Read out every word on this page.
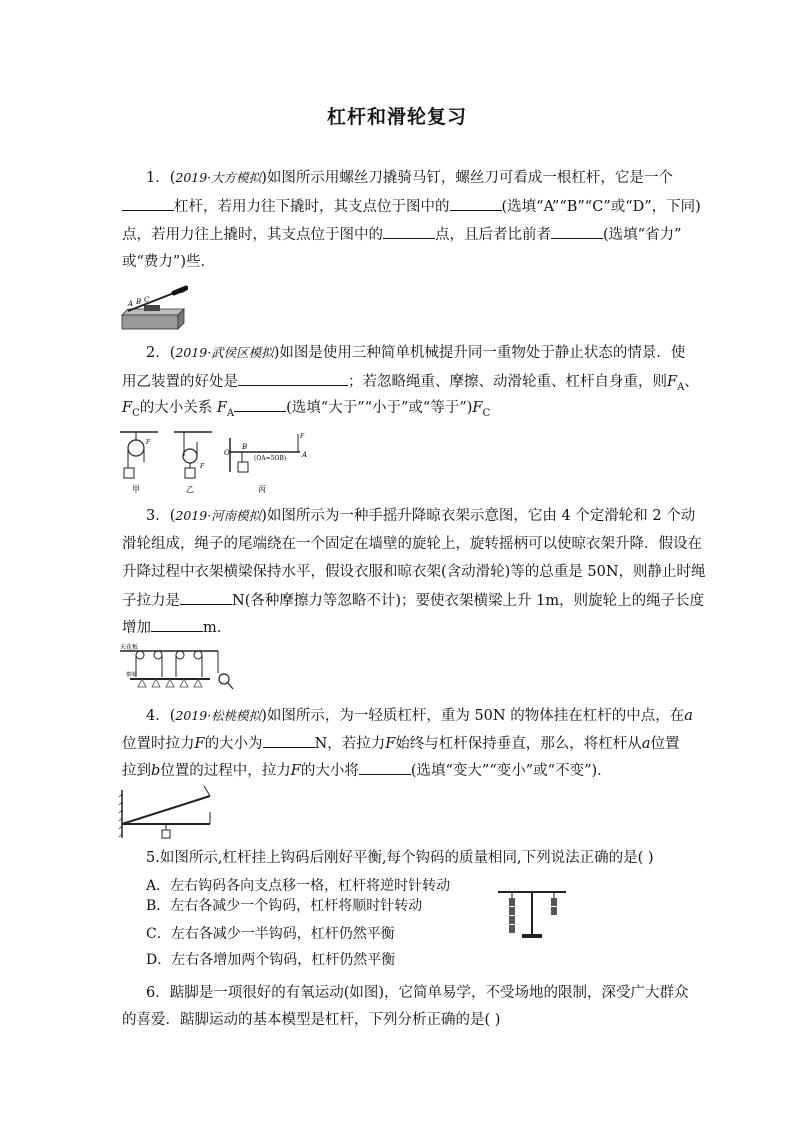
杠杆和滑轮复习
1．(2019·大方模拟)如图所示用螺丝刀撬骑马钉，螺丝刀可看成一根杠杆，它是一个
杠杆，若用力往下撬时，其支点位于图中的	(选填“A”“B”“C”或“D”，下同)
点，若用力往上撬时，其支点位于图中的	点，且后者比前者	(选填“省力”
或“费力”)些．
A B C
D
2．(2019·武侯区模拟)如图是使用三种简单机械提升同一重物处于静止状态的情景．使
用乙装置的好处是	；若忽略绳重、摩擦、动滑轮重、杠杆自身重，则$F_A$、
$F_C$的大小关系 $F_A$	(选填“大于”“小于”或“等于$”)F_C$
F
甲
F
乙
O
B
A
F
(OA=5OB)
丙
3．(2019·河南模拟)如图所示为一种手摇升降晾衣架示意图，它由 4 个定滑轮和 2 个动
滑轮组成，绳子的尾端绕在一个固定在墙壁的旋轮上，旋转摇柄可以使晾衣架升降．假设在
升降过程中衣架横梁保持水平，假设衣服和晾衣架(含动滑轮)等的总重是 50N，则静止时绳
子拉力是	N(各种摩擦力等忽略不计)；要使衣架横梁上升 1m，则旋轮上的绳子长度
增加	m.
天花板
横梁
4．(2019·松桃模拟)如图所示，为一轻质杠杆，重为 50N 的物体挂在杠杆的中点，在a
位置时拉力F的大小为	N，若拉力F始终与杠杆保持垂直，那么，将杠杆从a位置
拉到b位置的过程中，拉力F的大小将	(选填“变大”“变小”或“不变”)．
5.如图所示,杠杆挂上钩码后刚好平衡,每个钩码的质量相同,下列说法正确的是( )
A．左右钩码各向支点移一格，杠杆将逆时针转动
B．左右各减少一个钩码，杠杆将顺时针转动
C．左右各减少一半钩码，杠杆仍然平衡
D．左右各增加两个钩码，杠杆仍然平衡
6．踮脚是一项很好的有氧运动(如图)，它简单易学，不受场地的限制，深受广大群众
的喜爱．踮脚运动的基本模型是杠杆，下列分析正确的是( )
